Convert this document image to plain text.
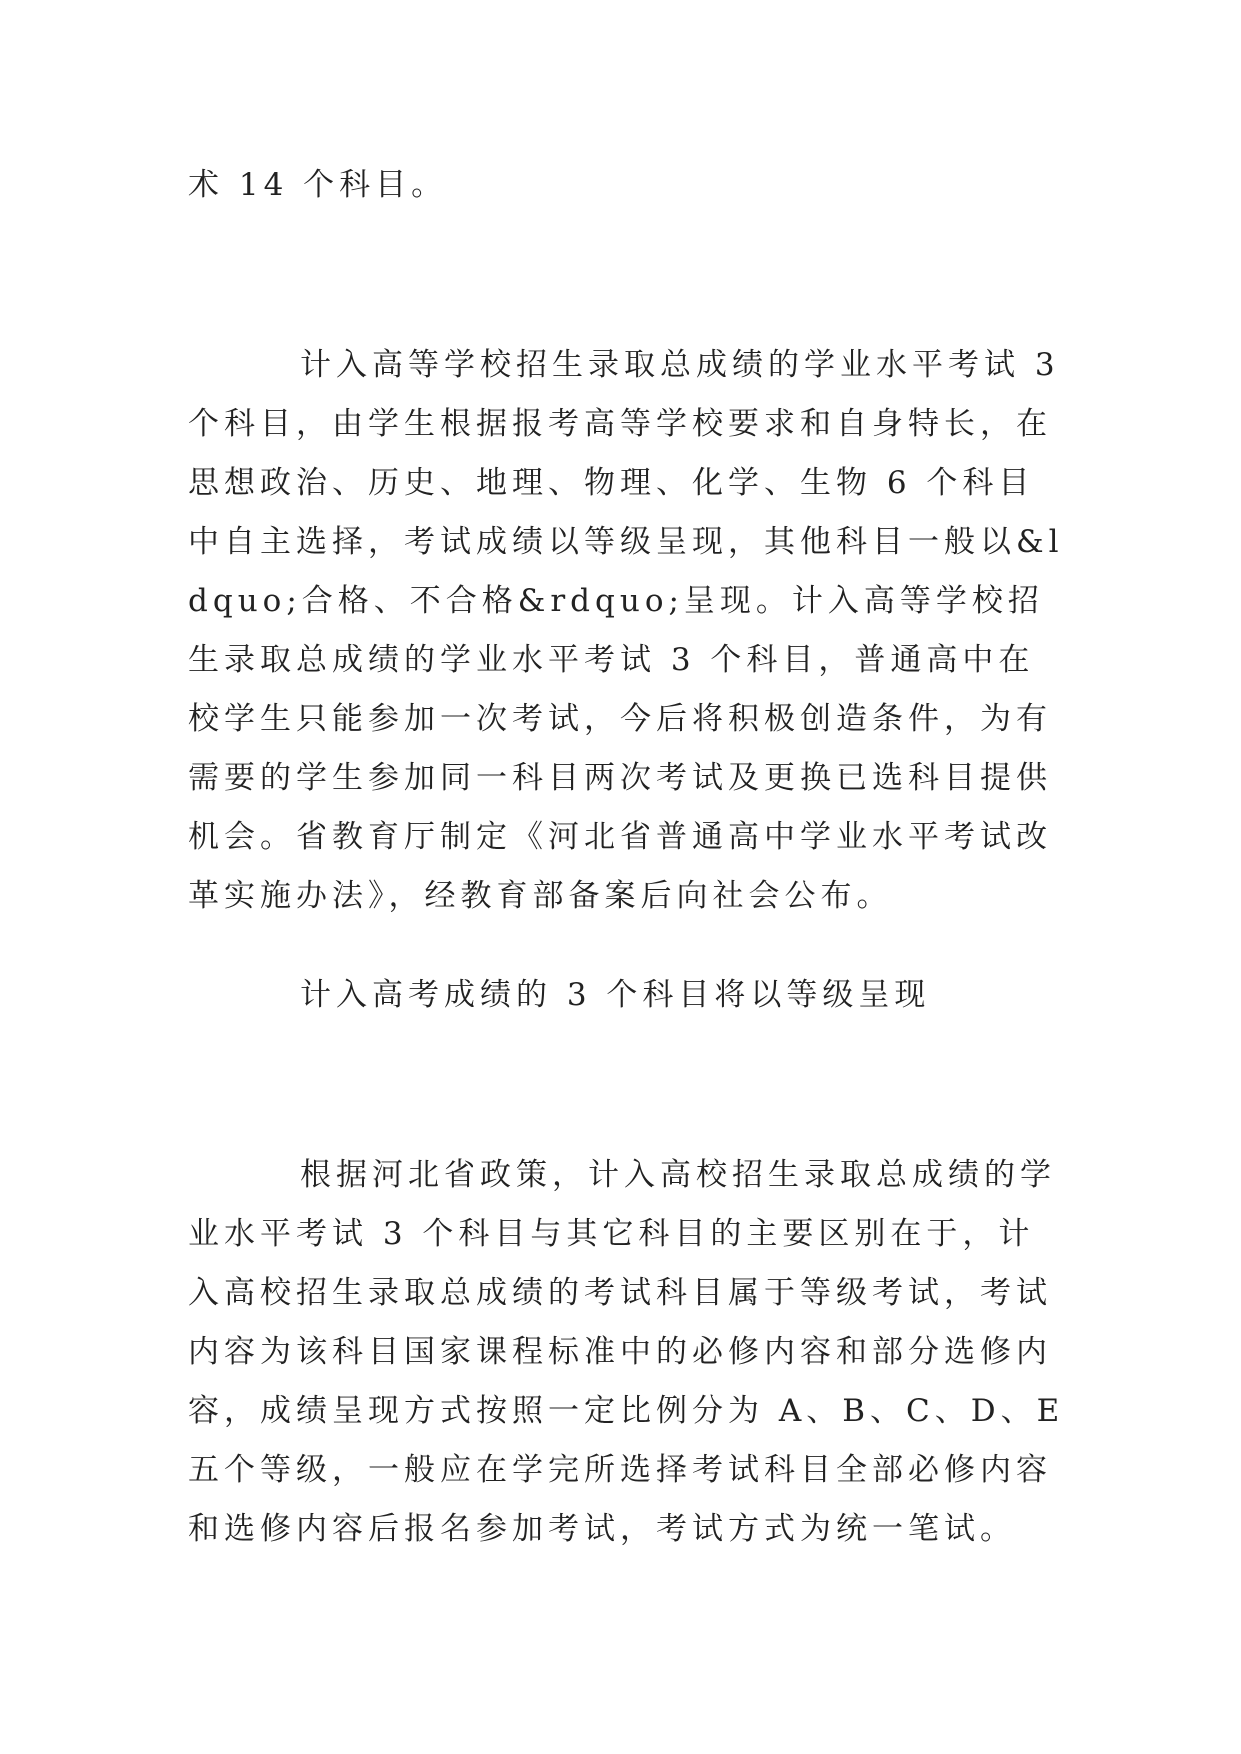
术 14 个科目。

计入高等学校招生录取总成绩的学业水平考试 3 个科目，由学生根据报考高等学校要求和自身特长，在思想政治、历史、地理、物理、化学、生物 6 个科目中自主选择，考试成绩以等级呈现，其他科目一般以&ldquo;合格、不合格&rdquo;呈现。计入高等学校招生录取总成绩的学业水平考试 3 个科目，普通高中在校学生只能参加一次考试，今后将积极创造条件，为有需要的学生参加同一科目两次考试及更换已选科目提供机会。省教育厅制定《河北省普通高中学业水平考试改革实施办法》，经教育部备案后向社会公布。

计入高考成绩的 3 个科目将以等级呈现

根据河北省政策，计入高校招生录取总成绩的学业水平考试 3 个科目与其它科目的主要区别在于，计入高校招生录取总成绩的考试科目属于等级考试，考试内容为该科目国家课程标准中的必修内容和部分选修内容，成绩呈现方式按照一定比例分为 A、B、C、D、E 五个等级，一般应在学完所选择考试科目全部必修内容和选修内容后报名参加考试，考试方式为统一笔试。
